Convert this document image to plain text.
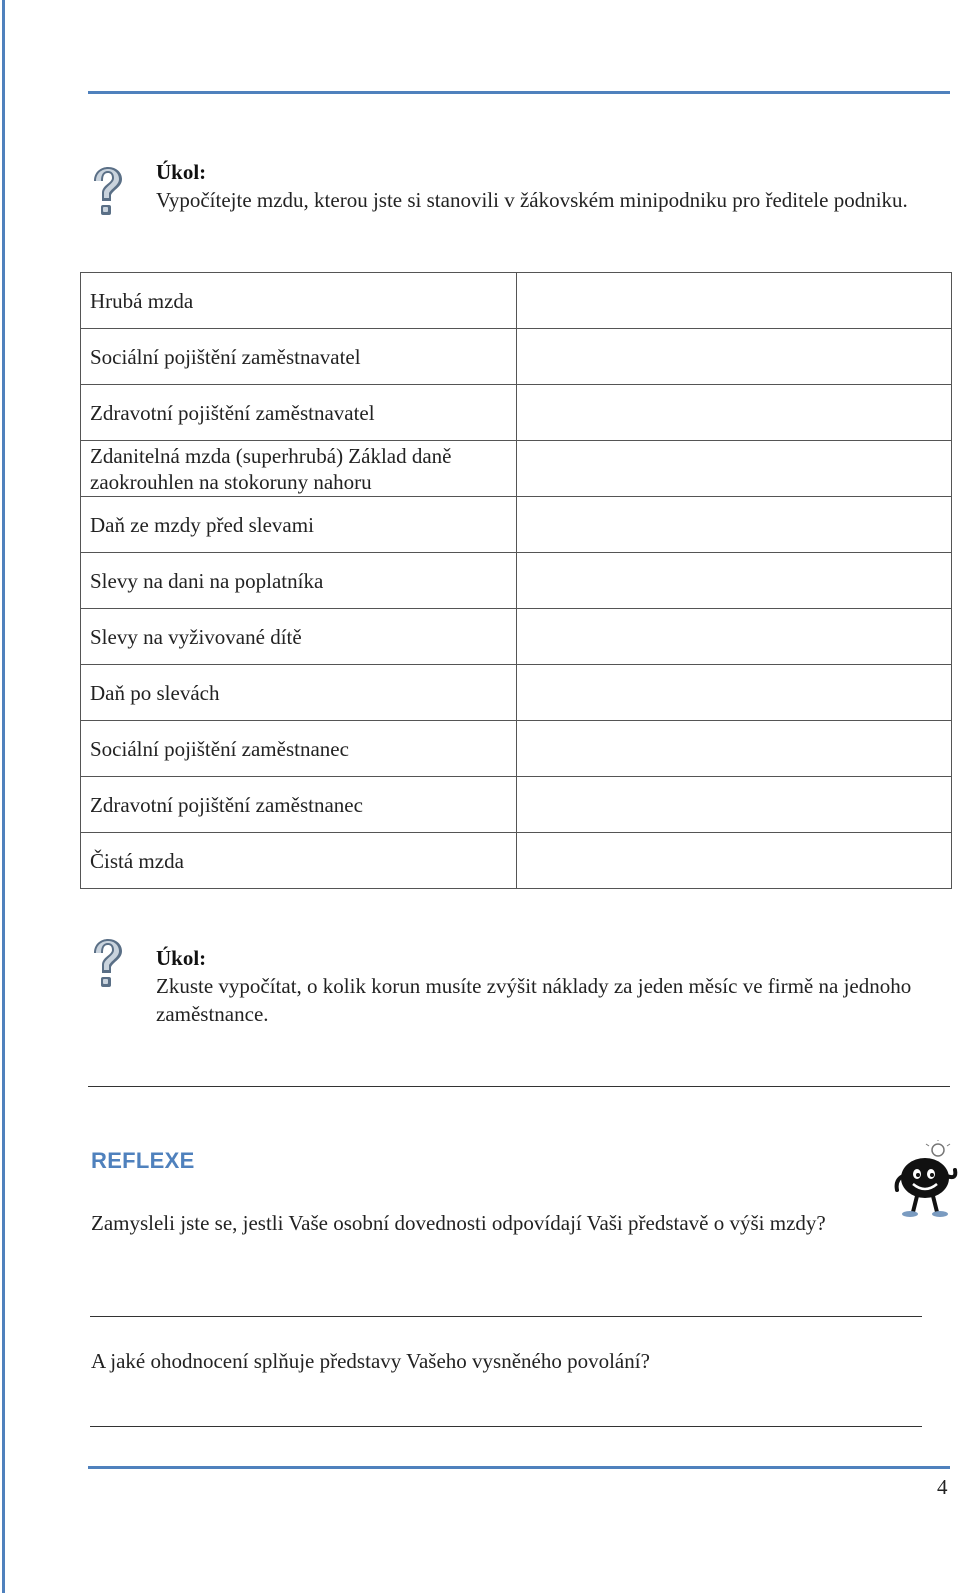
Úkol:
Vypočítejte mzdu, kterou jste si stanovili v žákovském minipodniku pro ředitele podniku.
Hrubá mzda	
Sociální pojištění zaměstnavatel	
Zdravotní pojištění zaměstnavatel	
Zdanitelná mzda (superhrubá) Základ daně zaokrouhlen na stokoruny nahoru	
Daň ze mzdy před slevami	
Slevy na dani na poplatníka	
Slevy na vyživované dítě	
Daň po slevách	
Sociální pojištění zaměstnanec	
Zdravotní pojištění zaměstnanec	
Čistá mzda	
Úkol:
Zkuste vypočítat, o kolik korun musíte zvýšit náklady za jeden měsíc ve firmě na jednoho zaměstnance.
REFLEXE
Zamysleli jste se, jestli Vaše osobní dovednosti odpovídají Vaši představě o výši mzdy?
A jaké ohodnocení splňuje představy Vašeho vysněného povolání?
4
